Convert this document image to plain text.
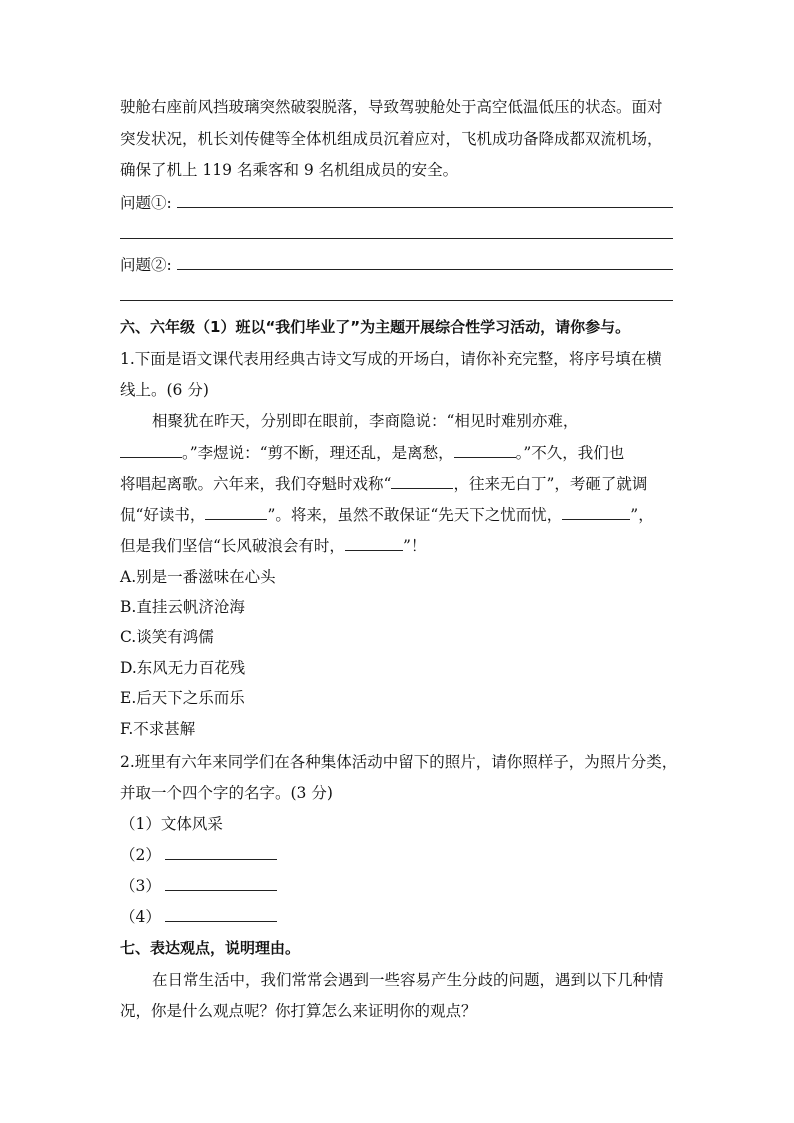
驶舱右座前风挡玻璃突然破裂脱落，导致驾驶舱处于高空低温低压的状态。面对
突发状况，机长刘传健等全体机组成员沉着应对，飞机成功备降成都双流机场，
确保了机上 119 名乘客和 9 名机组成员的安全。
问题①:
问题②:
六、六年级（1）班以“我们毕业了”为主题开展综合性学习活动，请你参与。
1.下面是语文课代表用经典古诗文写成的开场白，请你补充完整，将序号填在横
线上。(6 分)
相聚犹在昨天，分别即在眼前，李商隐说：“相见时难别亦难，
。”李煜说：“剪不断，理还乱，是离愁，	。”不久，我们也
将唱起离歌。六年来，我们夺魁时戏称“	，往来无白丁”，考砸了就调
侃“好读书，	”。将来，虽然不敢保证“先天下之忧而忧，	”，
但是我们坚信“长风破浪会有时，	”！
A.别是一番滋味在心头
B.直挂云帆济沧海
C.谈笑有鸿儒
D.东风无力百花残
E.后天下之乐而乐
F.不求甚解
2.班里有六年来同学们在各种集体活动中留下的照片，请你照样子，为照片分类，
并取一个四个字的名字。(3 分)
（1）文体风采
（2）
（3）
（4）
七、表达观点，说明理由。
在日常生活中，我们常常会遇到一些容易产生分歧的问题，遇到以下几种情
况，你是什么观点呢？你打算怎么来证明你的观点？
